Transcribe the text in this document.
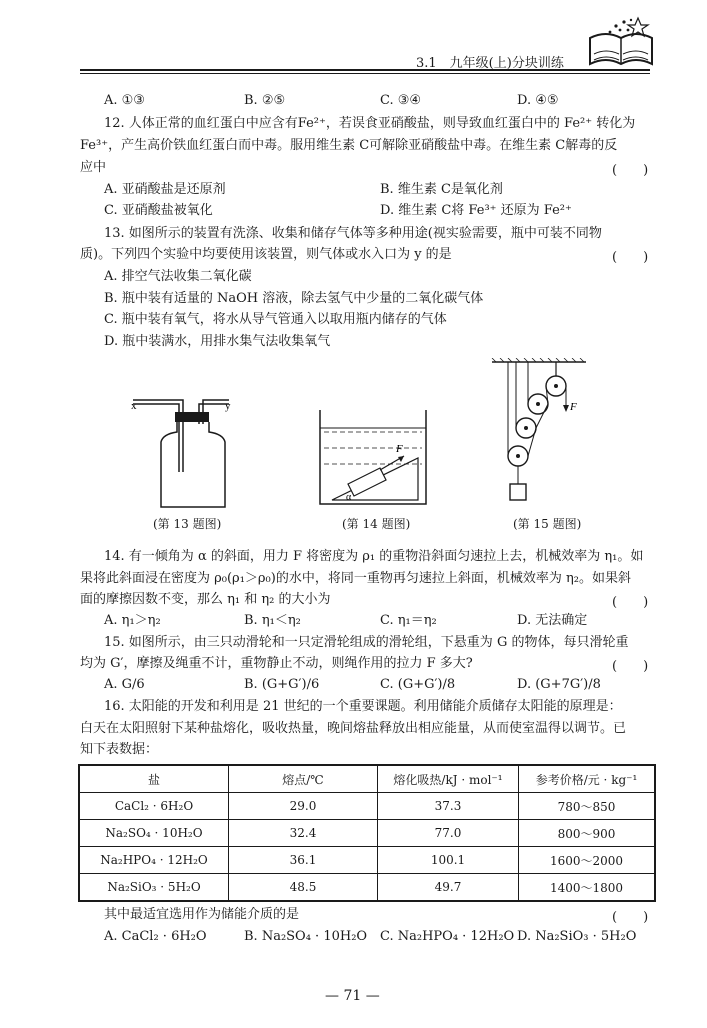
3.1　九年级(上)分块训练
A. ①③	B. ②⑤	C. ③④	D. ④⑤
12. 人体正常的血红蛋白中应含有Fe²⁺，若误食亚硝酸盐，则导致血红蛋白中的 Fe²⁺ 转化为
Fe³⁺，产生高价铁血红蛋白而中毒。服用维生素 C可解除亚硝酸盐中毒。在维生素 C解毒的反
应中	(　　)
A. 亚硝酸盐是还原剂	B. 维生素 C是氧化剂
C. 亚硝酸盐被氧化	D. 维生素 C将 Fe³⁺ 还原为 Fe²⁺
13. 如图所示的装置有洗涤、收集和储存气体等多种用途(视实验需要，瓶中可装不同物
质)。下列四个实验中均要使用该装置，则气体或水入口为 y 的是	(　　)
A. 排空气法收集二氧化碳
B. 瓶中装有适量的 NaOH 溶液，除去氢气中少量的二氧化碳气体
C. 瓶中装有氧气，将水从导气管通入以取用瓶内储存的气体
D. 瓶中装满水，用排水集气法收集氧气
x	y
(第 13 题图)
F
α
(第 14 题图)
F
(第 15 题图)
14. 有一倾角为 α 的斜面，用力 F 将密度为 ρ₁ 的重物沿斜面匀速拉上去，机械效率为 η₁。如
果将此斜面浸在密度为 ρ₀(ρ₁＞ρ₀)的水中，将同一重物再匀速拉上斜面，机械效率为 η₂。如果斜
面的摩擦因数不变，那么 η₁ 和 η₂ 的大小为	(　　)
A. η₁＞η₂	B. η₁＜η₂	C. η₁＝η₂	D. 无法确定
15. 如图所示，由三只动滑轮和一只定滑轮组成的滑轮组，下悬重为 G 的物体，每只滑轮重
均为 G′，摩擦及绳重不计，重物静止不动，则绳作用的拉力 F 多大?	(　　)
A. G/6	B. (G+G′)/6	C. (G+G′)/8	D. (G+7G′)/8
16. 太阳能的开发和利用是 21 世纪的一个重要课题。利用储能介质储存太阳能的原理是：
白天在太阳照射下某种盐熔化，吸收热量，晚间熔盐释放出相应能量，从而使室温得以调节。已
知下表数据：
盐	熔点/℃	熔化吸热/kJ · mol⁻¹	参考价格/元 · kg⁻¹
CaCl₂ · 6H₂O	29.0	37.3	780～850
Na₂SO₄ · 10H₂O	32.4	77.0	800～900
Na₂HPO₄ · 12H₂O	36.1	100.1	1600～2000
Na₂SiO₃ · 5H₂O	48.5	49.7	1400～1800
其中最适宜选用作为储能介质的是	(　　)
A. CaCl₂ · 6H₂O	B. Na₂SO₄ · 10H₂O C. Na₂HPO₄ · 12H₂O D. Na₂SiO₃ · 5H₂O
— 71 —
